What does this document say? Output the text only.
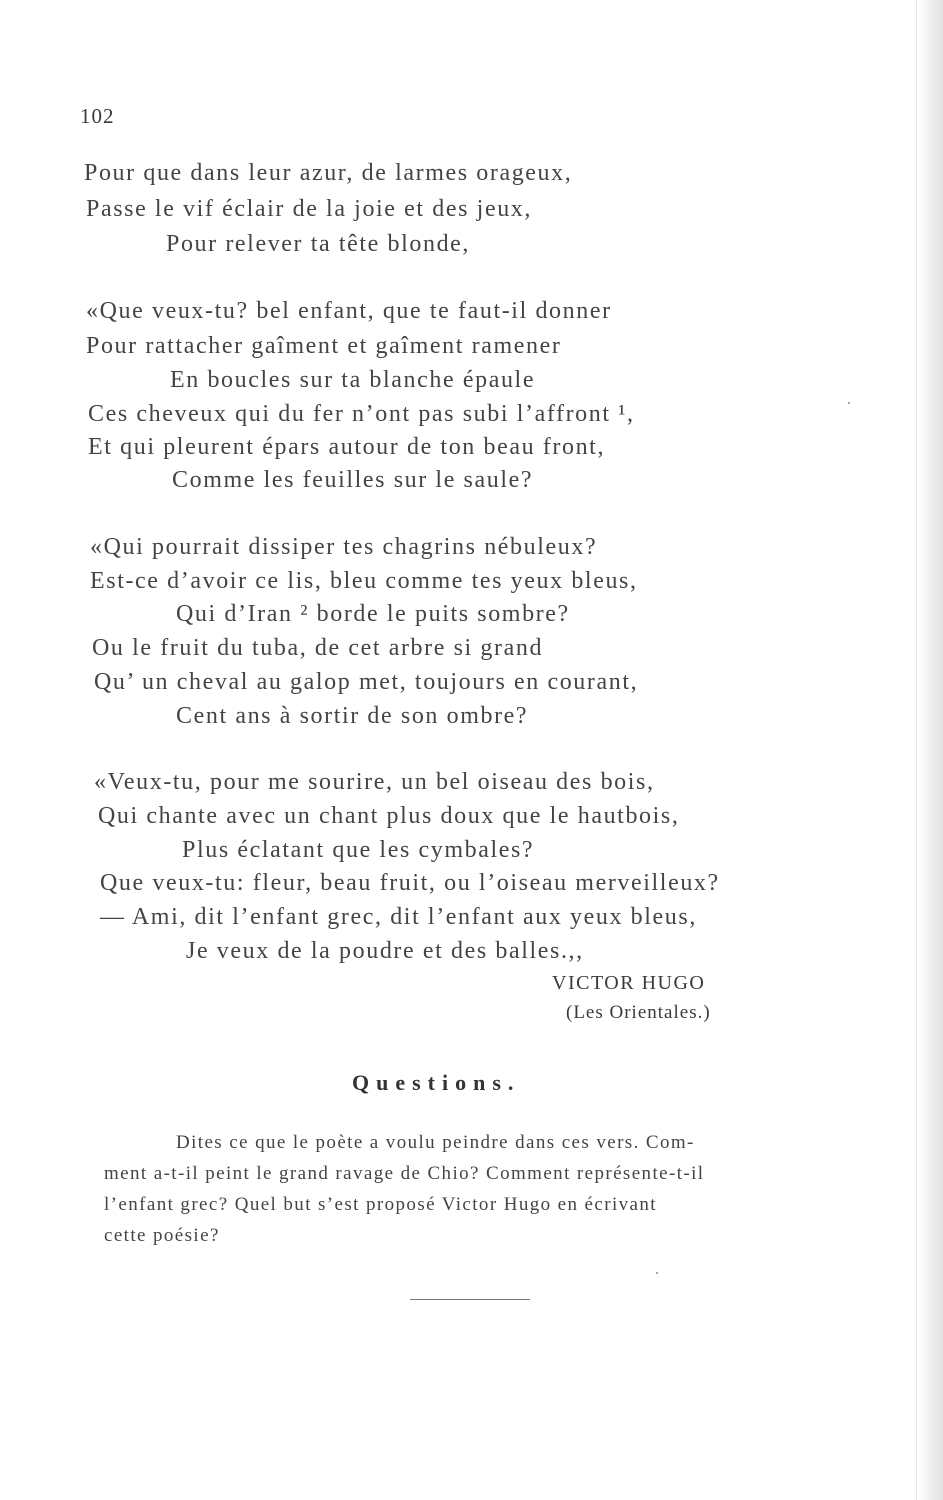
102
Pour que dans leur azur, de larmes orageux,
Passe le vif éclair de la joie et des jeux,
Pour relever ta tête blonde,
«Que veux-tu? bel enfant, que te faut-il donner
Pour rattacher gaîment et gaîment ramener
En boucles sur ta blanche épaule
Ces cheveux qui du fer n’ont pas subi l’affront ¹,
Et qui pleurent épars autour de ton beau front,
Comme les feuilles sur le saule?
«Qui pourrait dissiper tes chagrins nébuleux?
Est-ce d’avoir ce lis, bleu comme tes yeux bleus,
Qui d’Iran ² borde le puits sombre?
Ou le fruit du tuba, de cet arbre si grand
Qu’ un cheval au galop met, toujours en courant,
Cent ans à sortir de son ombre?
«Veux-tu, pour me sourire, un bel oiseau des bois,
Qui chante avec un chant plus doux que le hautbois,
Plus éclatant que les cymbales?
Que veux-tu: fleur, beau fruit, ou l’oiseau merveilleux?
— Ami, dit l’enfant grec, dit l’enfant aux yeux bleus,
Je veux de la poudre et des balles.,,
VICTOR HUGO
(Les Orientales.)
Questions.
Dites ce que le poète a voulu peindre dans ces vers. Com-
ment a-t-il peint le grand ravage de Chio? Comment représente-t-il
l’enfant grec? Quel but s’est proposé Victor Hugo en écrivant
cette poésie?
